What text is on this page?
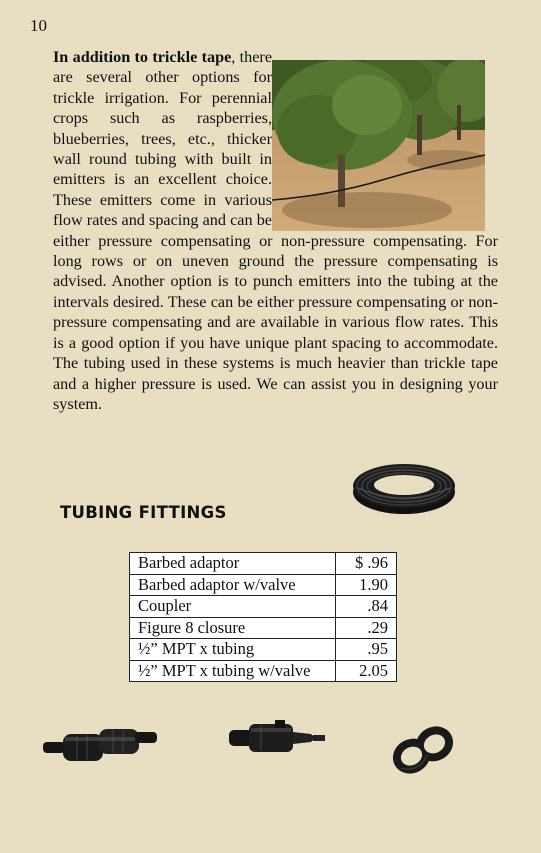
10

In addition to trickle tape, there are several other options for trickle irrigation. For perennial crops such as raspberries, blueberries, trees, etc., thicker wall round tubing with built in emitters is an excellent choice. These emitters come in various flow rates and spacing and can be either pressure compensating or non-pressure compensating. For long rows or on uneven ground the pressure compensating is advised. Another option is to punch emitters into the tubing at the intervals desired. These can be either pressure compensating or non-pressure compensating and are available in various flow rates. This is a good option if you have unique plant spacing to accommodate. The tubing used in these systems is much heavier than trickle tape and a higher pressure is used. We can assist you in designing your system.

TUBING FITTINGS
Barbed adaptor	$ .96
Barbed adaptor w/valve	1.90
Coupler	.84
Figure 8 closure	.29
½” MPT x tubing	.95
½” MPT x tubing w/valve	2.05
